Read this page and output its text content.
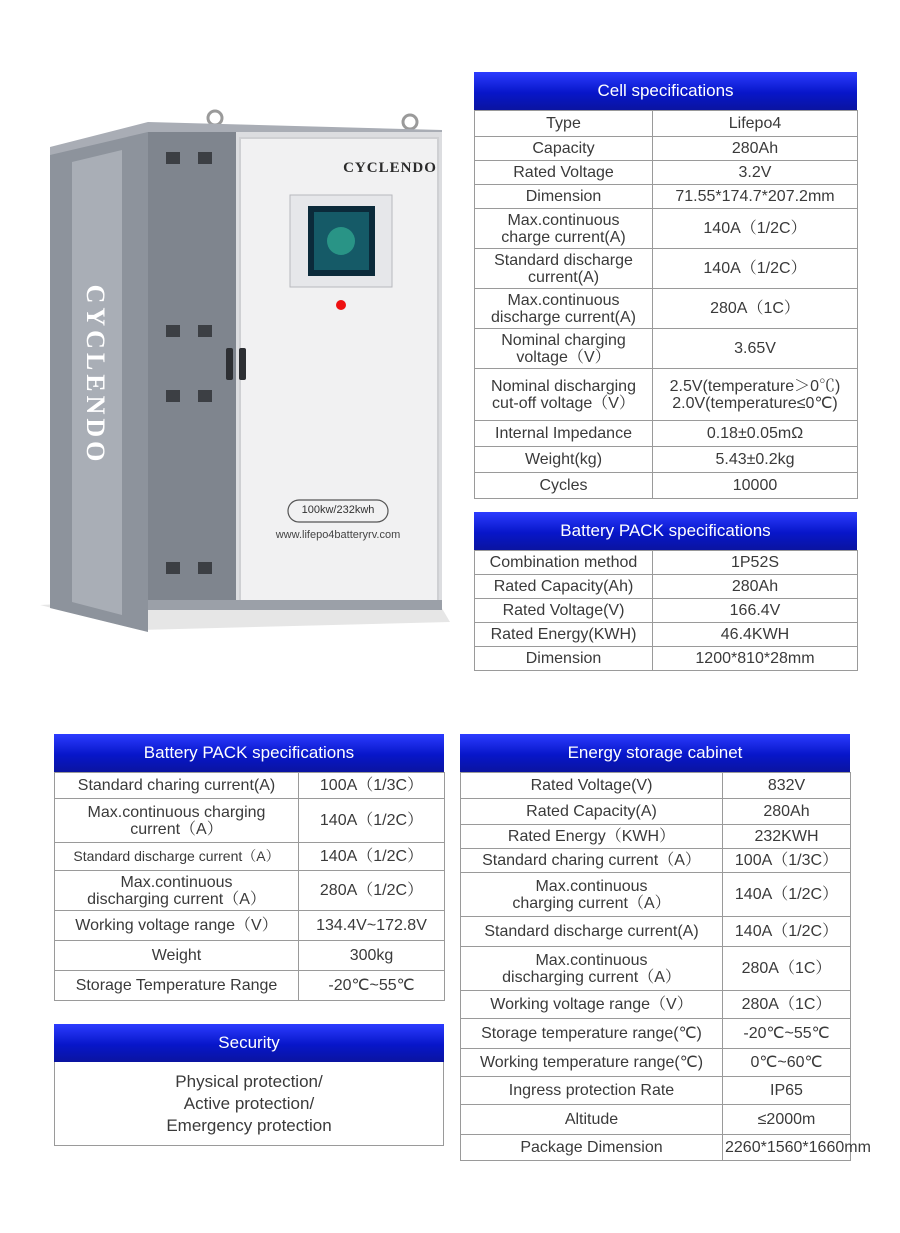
CYCLENDO
CYCLENDO
100kw/232kwh
www.lifepo4batteryrv.com
Cell specifications
Type	Lifepo4
Capacity	280Ah
Rated Voltage	3.2V
Dimension	71.55*174.7*207.2mm
Max.continuous
charge current(A)	140A（1/2C）
Standard discharge
current(A)	140A（1/2C）
Max.continuous
discharge current(A)	280A（1C）
Nominal charging
voltage（V）	3.65V
Nominal discharging
cut-off voltage（V）	2.5V(temperature＞0℃)
2.0V(temperature≤0℃)
Internal Impedance	0.18±0.05mΩ
Weight(kg)	5.43±0.2kg
Cycles	10000
Battery PACK specifications
Combination method	1P52S
Rated Capacity(Ah)	280Ah
Rated Voltage(V)	166.4V
Rated Energy(KWH)	46.4KWH
Dimension	1200*810*28mm
Battery PACK specifications
Standard charing current(A)	100A（1/3C）
Max.continuous charging
current（A）	140A（1/2C）
Standard discharge current（A）	140A（1/2C）
Max.continuous
discharging current（A）	280A（1/2C）
Working voltage range（V）	134.4V~172.8V
Weight	300kg
Storage Temperature Range	-20℃~55℃
Security
Physical protection/
Active protection/
Emergency protection
Energy storage cabinet
Rated Voltage(V)	832V
Rated Capacity(A)	280Ah
Rated Energy（KWH）	232KWH
Standard charing current（A）	100A（1/3C）
Max.continuous
charging current（A）	140A（1/2C）
Standard discharge current(A)	140A（1/2C）
Max.continuous
discharging current（A）	280A（1C）
Working voltage range（V）	280A（1C）
Storage temperature range(℃)	-20℃~55℃
Working temperature range(℃)	0℃~60℃
Ingress protection Rate	IP65
Altitude	≤2000m
Package Dimension	2260*1560*1660mm
